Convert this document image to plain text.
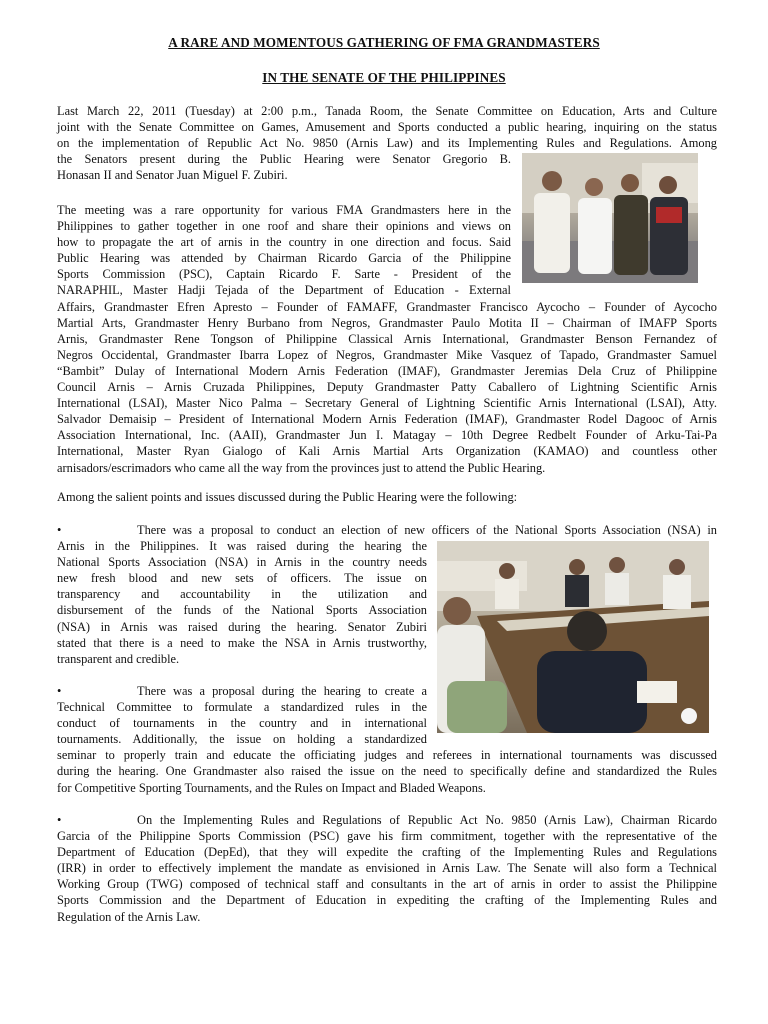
A RARE AND MOMENTOUS GATHERING OF FMA GRANDMASTERS
IN THE SENATE OF THE PHILIPPINES
Last March 22, 2011 (Tuesday) at 2:00 p.m., Tanada Room, the Senate Committee on Education, Arts and Culture
joint with the Senate Committee on Games, Amusement and Sports conducted a public hearing, inquiring on the status
on the implementation of Republic Act No. 9850 (Arnis Law) and its Implementing Rules and Regulations. Among
the Senators present during the Public Hearing were Senator Gregorio B.
Honasan II and Senator Juan Miguel F. Zubiri.
The meeting was a rare opportunity for various FMA Grandmasters here in the
Philippines to gather together in one roof and share their opinions and views on
how to propagate the art of arnis in the country in one direction and focus. Said
Public Hearing was attended by Chairman Ricardo Garcia of the Philippine
Sports Commission (PSC), Captain Ricardo F. Sarte - President of the
NARAPHIL, Master Hadji Tejada of the Department of Education - External
Affairs, Grandmaster Efren Apresto – Founder of FAMAFF, Grandmaster Francisco Aycocho – Founder of Aycocho
Martial Arts, Grandmaster Henry Burbano from Negros, Grandmaster Paulo Motita II – Chairman of IMAFP Sports
Arnis, Grandmaster Rene Tongson of Philippine Classical Arnis International, Grandmaster Benson Fernandez of
Negros Occidental, Grandmaster Ibarra Lopez of Negros, Grandmaster Mike Vasquez of Tapado, Grandmaster Samuel
“Bambit” Dulay of International Modern Arnis Federation (IMAF), Grandmaster Jeremias Dela Cruz of Philippine
Council Arnis – Arnis Cruzada Philippines, Deputy Grandmaster Patty Caballero of Lightning Scientific Arnis
International (LSAI), Master Nico Palma – Secretary General of Lightning Scientific Arnis International (LSAI), Atty.
Salvador Demaisip – President of International Modern Arnis Federation (IMAF), Grandmaster Rodel Dagooc of Arnis
Association International, Inc. (AAII), Grandmaster Jun I. Matagay – 10th Degree Redbelt Founder of Arku-Tai-Pa
International, Master Ryan Gialogo of Kali Arnis Martial Arts Organization (KAMAO) and countless other
arnisadors/escrimadors who came all the way from the provinces just to attend the Public Hearing.
Among the salient points and issues discussed during the Public Hearing were the following:
•	There was a proposal to conduct an election of new officers of the National Sports Association (NSA) in
Arnis in the Philippines. It was raised during the hearing the
National Sports Association (NSA) in Arnis in the country needs
new fresh blood and new sets of officers. The issue on
transparency and accountability in the utilization and
disbursement of the funds of the National Sports Association
(NSA) in Arnis was raised during the hearing. Senator Zubiri
stated that there is a need to make the NSA in Arnis trustworthy,
transparent and credible.
•	There was a proposal during the hearing to create a
Technical Committee to formulate a standardized rules in the
conduct of tournaments in the country and in international
tournaments. Additionally, the issue on holding a standardized
seminar to properly train and educate the officiating judges and referees in international tournaments was discussed
during the hearing. One Grandmaster also raised the issue on the need to specifically define and standardized the Rules
for Competitive Sporting Tournaments, and the Rules on Impact and Bladed Weapons.
•	On the Implementing Rules and Regulations of Republic Act No. 9850 (Arnis Law), Chairman Ricardo
Garcia of the Philippine Sports Commission (PSC) gave his firm commitment, together with the representative of the
Department of Education (DepEd), that they will expedite the crafting of the Implementing Rules and Regulations
(IRR) in order to effectively implement the mandate as envisioned in Arnis Law. The Senate will also form a Technical
Working Group (TWG) composed of technical staff and consultants in the art of arnis in order to assist the Philippine
Sports Commission and the Department of Education in expediting the crafting of the Implementing Rules and
Regulation of the Arnis Law.
